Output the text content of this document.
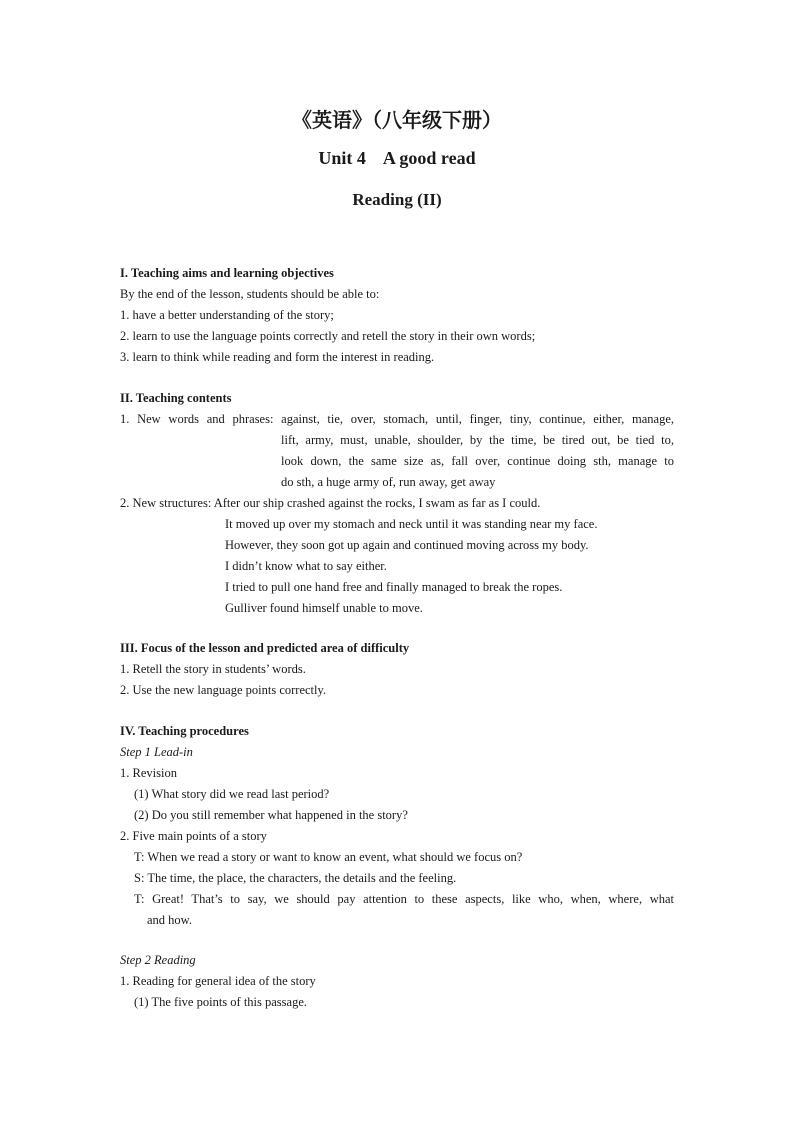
《英语》（八年级下册）
Unit 4    A good read
Reading (II)
I. Teaching aims and learning objectives
By the end of the lesson, students should be able to:
1. have a better understanding of the story;
2. learn to use the language points correctly and retell the story in their own words;
3. learn to think while reading and form the interest in reading.
II. Teaching contents
1. New words and phrases: against, tie, over, stomach, until, finger, tiny, continue, either, manage,
lift, army, must, unable, shoulder, by the time, be tired out, be tied to,
look down, the same size as, fall over, continue doing sth, manage to
do sth, a huge army of, run away, get away
2. New structures: After our ship crashed against the rocks, I swam as far as I could.
It moved up over my stomach and neck until it was standing near my face.
However, they soon got up again and continued moving across my body.
I didn’t know what to say either.
I tried to pull one hand free and finally managed to break the ropes.
Gulliver found himself unable to move.
III. Focus of the lesson and predicted area of difficulty
1. Retell the story in students’ words.
2. Use the new language points correctly.
IV. Teaching procedures
Step 1 Lead-in
1. Revision
(1) What story did we read last period?
(2) Do you still remember what happened in the story?
2. Five main points of a story
T: When we read a story or want to know an event, what should we focus on?
S: The time, the place, the characters, the details and the feeling.
T: Great! That’s to say, we should pay attention to these aspects, like who, when, where, what
and how.
Step 2 Reading
1. Reading for general idea of the story
(1) The five points of this passage.
